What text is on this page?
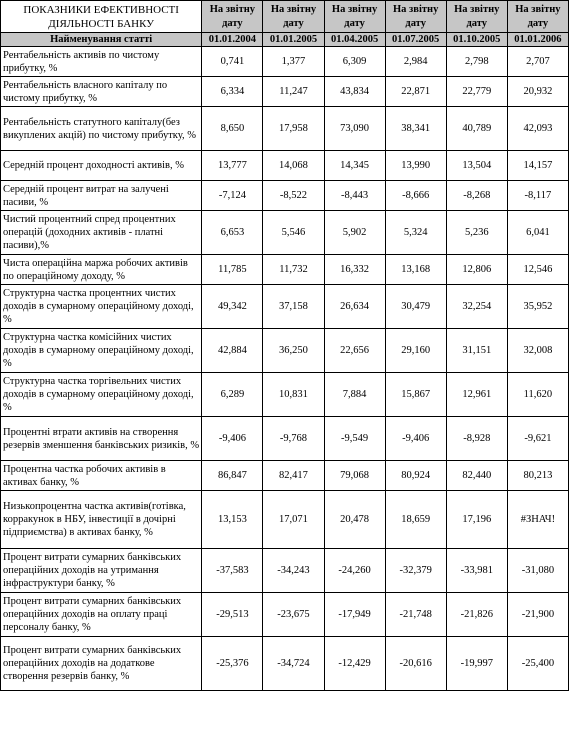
ПОКАЗНИКИ ЕФЕКТИВНОСТІ ДІЯЛЬНОСТІ БАНКУ	На звітну дату	На звітну дату	На звітну дату	На звітну дату	На звітну дату	На звітну дату
Найменування статті	01.01.2004	01.01.2005	01.04.2005	01.07.2005	01.10.2005	01.01.2006
Рентабельність активів по чистому прибутку, %	0,741	1,377	6,309	2,984	2,798	2,707
Рентабельність власного капіталу по чистому прибутку, %	6,334	11,247	43,834	22,871	22,779	20,932
Рентабельність статутного капіталу(без викуплених акцій) по чистому прибутку, %	8,650	17,958	73,090	38,341	40,789	42,093
Середній процент доходності активів, %	13,777	14,068	14,345	13,990	13,504	14,157
Середній процент витрат на залучені пасиви, %	-7,124	-8,522	-8,443	-8,666	-8,268	-8,117
Чистий процентний спред процентних операцій (доходних активів - платні пасиви),%	6,653	5,546	5,902	5,324	5,236	6,041
Чиста операційна маржа робочих активів по операційному доходу, %	11,785	11,732	16,332	13,168	12,806	12,546
Структурна частка процентних чистих доходів в сумарному операційному доході, %	49,342	37,158	26,634	30,479	32,254	35,952
Структурна частка комісійних чистих доходів в сумарному операційному доході, %	42,884	36,250	22,656	29,160	31,151	32,008
Структурна частка торгівельних чистих доходів в сумарному операційному доході, %	6,289	10,831	7,884	15,867	12,961	11,620
Процентні втрати активів на створення резервів зменшення банківських ризиків, %	-9,406	-9,768	-9,549	-9,406	-8,928	-9,621
Процентна частка робочих активів в активах банку, %	86,847	82,417	79,068	80,924	82,440	80,213
Низькопроцентна частка активів(готівка, корракунок в НБУ, інвестиції в дочірні підприємства) в активах банку, %	13,153	17,071	20,478	18,659	17,196	#ЗНАЧ!
Процент витрати сумарних банківських операційних доходів на утримання інфраструктури банку, %	-37,583	-34,243	-24,260	-32,379	-33,981	-31,080
Процент витрати сумарних банківських операційних доходів на оплату праці персоналу банку, %	-29,513	-23,675	-17,949	-21,748	-21,826	-21,900
Процент витрати сумарних банківських операційних доходів на додаткове створення резервів банку, %	-25,376	-34,724	-12,429	-20,616	-19,997	-25,400
